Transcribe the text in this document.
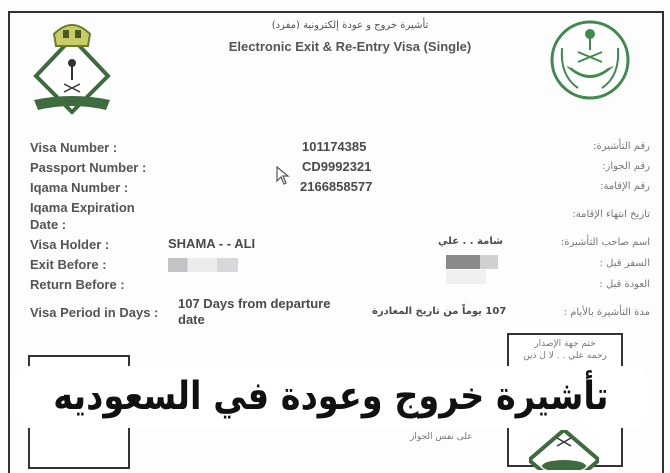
تأشيرة خروج و عودة إلكترونية (مفرد)
Electronic Exit & Re-Entry Visa (Single)
Visa Number :
Passport Number :
Iqama Number :
Iqama Expiration Date :
Visa Holder :
Exit Before :
Return Before :
Visa Period in Days :
101174385
CD9992321
2166858577
SHAMA - - ALI	شامة . . علي
107 Days from departure date
107 يوماً من تاريخ المغادرة
رقم التأشيرة:
رقم الجواز:
رقم الإقامة:
تاريخ انتهاء الإقامة:
اسم صاحب التأشيرة:
السفر قبل :
العودة قبل :
مدة التأشيرة بالأيام :
ختم جهة الإصدار
رحمه علي . . لا ل دين
على نفس الجواز
تأشيرة خروج وعودة في السعوديه
